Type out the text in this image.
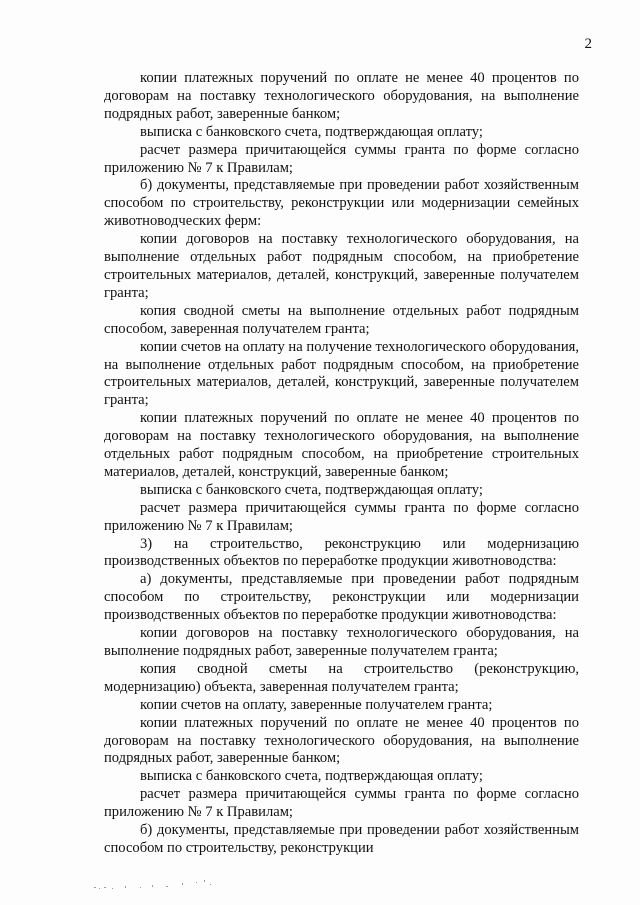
2

копии платежных поручений по оплате не менее 40 процентов по договорам на поставку технологического оборудования, на выполнение подрядных работ, заверенные банком;

выписка с банковского счета, подтверждающая оплату;

расчет размера причитающейся суммы гранта по форме согласно приложению № 7 к Правилам;

б) документы, представляемые при проведении работ хозяйственным способом по строительству, реконструкции или модернизации семейных животноводческих ферм:

копии договоров на поставку технологического оборудования, на выполнение отдельных работ подрядным способом, на приобретение строительных материалов, деталей, конструкций, заверенные получателем гранта;

копия сводной сметы на выполнение отдельных работ подрядным способом, заверенная получателем гранта;

копии счетов на оплату на получение технологического оборудования, на выполнение отдельных работ подрядным способом, на приобретение строительных материалов, деталей, конструкций, заверенные получателем гранта;

копии платежных поручений по оплате не менее 40 процентов по договорам на поставку технологического оборудования, на выполнение отдельных работ подрядным способом, на приобретение строительных материалов, деталей, конструкций, заверенные банком;

выписка с банковского счета, подтверждающая оплату;

расчет размера причитающейся суммы гранта по форме согласно приложению № 7 к Правилам;

3) на строительство, реконструкцию или модернизацию производственных объектов по переработке продукции животноводства:

а) документы, представляемые при проведении работ подрядным способом по строительству, реконструкции или модернизации производственных объектов по переработке продукции животноводства:

копии договоров на поставку технологического оборудования, на выполнение подрядных работ, заверенные получателем гранта;

копия сводной сметы на строительство (реконструкцию, модернизацию) объекта, заверенная получателем гранта;

копии счетов на оплату, заверенные получателем гранта;

копии платежных поручений по оплате не менее 40 процентов по договорам на поставку технологического оборудования, на выполнение подрядных работ, заверенные банком;

выписка с банковского счета, подтверждающая оплату;

расчет размера причитающейся суммы гранта по форме согласно приложению № 7 к Правилам;

б) документы, представляемые при проведении работ хозяйственным способом по строительству, реконструкции
